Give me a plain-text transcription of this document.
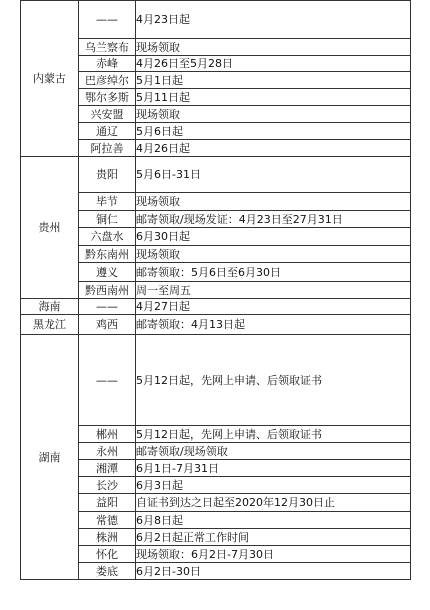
内蒙古	——	4月23日起
	乌兰察布	现场领取
	赤峰	4月26日至5月28日
	巴彦绰尔	5月1日起
	鄂尔多斯	5月11日起
	兴安盟	现场领取
	通辽	5月6日起
	阿拉善	4月26日起
贵州	贵阳	5月6日-31日
	毕节	现场领取
	铜仁	邮寄领取/现场发证：4月23日至27月31日
	六盘水	6月30日起
	黔东南州	现场领取
	遵义	邮寄领取：5月6日至6月30日
	黔西南州	周一至周五
海南	——	4月27日起
黑龙江	鸡西	邮寄领取：4月13日起
湖南	——	5月12日起，先网上申请、后领取证书
	郴州	5月12日起，先网上申请、后领取证书
	永州	邮寄领取/现场领取
	湘潭	6月1日-7月31日
	长沙	6月3日起
	益阳	自证书到达之日起至2020年12月30日止
	常德	6月8日起
	株洲	6月2日起正常工作时间
	怀化	现场领取：6月2日-7月30日
	娄底	6月2日-30日
